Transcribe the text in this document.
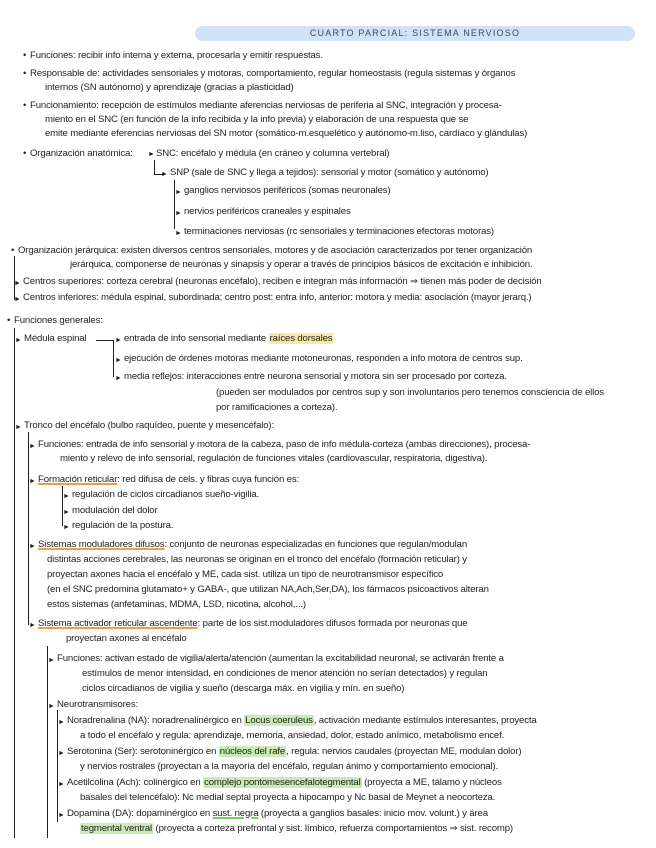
CUARTO PARCIAL: SISTEMA NERVIOSO
• Funciones: recibir info interna y externa, procesarla y emitir respuestas.
• Responsable de: actividades sensoriales y motoras, comportamiento, regular homeostasis (regula sistemas y órganos
internos (SN autónomo) y aprendizaje (gracias a plasticidad)
• Funcionamiento: recepción de estímulos mediante aferencias nerviosas de periferia al SNC, integración y procesa-
miento en el SNC (en función de la info recibida y la info previa) y elaboración de una respuesta que se
emite mediante eferencias nerviosas del SN motor (somático-m.esquelético y autónomo-m.liso, cardíaco y glándulas)
• Organización anatómica: ► SNC: encéfalo y médula (en cráneo y columna vertebral)
► SNP (sale de SNC y llega a tejidos): sensorial y motor (somático y autónomo)
► ganglios nerviosos periféricos (somas neuronales)
► nervios periféricos craneales y espinales
► terminaciones nerviosas (rc sensoriales y terminaciones efectoras motoras)
• Organización jerárquica: existen diversos centros sensoriales, motores y de asociación caracterizados por tener organización
jerárquica, componerse de neuronas y sinapsis y operar a través de principios básicos de excitación e inhibición.
► Centros superiores: corteza cerebral (neuronas encéfalo), reciben e integran más información ⇒ tienen más poder de decisión
► Centros inferiores: médula espinal, subordinada; centro post: entra info, anterior: motora y media: asociación (mayor jerarq.)
• Funciones generales:
► Médula espinal	► entrada de info sensorial mediante raíces dorsales
► ejecución de órdenes motoras mediante motoneuronas, responden a info motora de centros sup.
► media reflejos: interacciones entre neurona sensorial y motora sin ser procesado por corteza.
(pueden ser modulados por centros sup y son involuntarios pero tenemos consciencia de ellos
por ramificaciones a corteza).
► Tronco del encéfalo (bulbo raquídeo, puente y mesencéfalo):
► Funciones: entrada de info sensorial y motora de la cabeza, paso de info médula-corteza (ambas direcciones), procesa-
miento y relevo de info sensorial, regulación de funciones vitales (cardiovascular, respiratoria, digestiva).
► Formación reticular: red difusa de cels. y fibras cuya función es:
► regulación de ciclos circadianos sueño-vigilia.
► modulación del dolor
► regulación de la postura.
► Sistemas moduladores difusos: conjunto de neuronas especializadas en funciones que regulan/modulan
distintas acciones cerebrales, las neuronas se originan en el tronco del encéfalo (formación reticular) y
proyectan axones hacia el encéfalo y ME, cada sist. utiliza un tipo de neurotransmisor específico
(en el SNC predomina glutamato+ y GABA-, que utilizan NA,Ach,Ser,DA), los fármacos psicoactivos alteran
estos sistemas (anfetaminas, MDMA, LSD, nicotina, alcohol,...)
► Sistema activador reticular ascendente: parte de los sist.moduladores difusos formada por neuronas que
proyectan axones al encéfalo
► Funciones: activan estado de vigilia/alerta/atención (aumentan la excitabilidad neuronal, se activarán frente a
estímulos de menor intensidad, en condiciones de menor atención no serían detectados) y regulan
ciclos circadianos de vigilia y sueño (descarga máx. en vigilia y mín. en sueño)
► Neurotransmisores:
► Noradrenalina (NA): noradrenalinérgico en Locus coeruleus, activación mediante estímulos interesantes, proyecta
a todo el encéfalo y regula: aprendizaje, memoria, ansiedad, dolor, estado anímico, metabolismo encef.
► Serotonina (Ser): serotoninérgico en núcleos del rafe, regula: nervios caudales (proyectan ME, modulan dolor)
y nervios rostrales (proyectan a la mayoría del encéfalo, regulan ánimo y comportamiento emocional).
► Acetilcolina (Ach): colinérgico en complejo pontomesencefalotegmental (proyecta a ME, tálamo y núcleos
basales del telencéfalo): Nc medial septal proyecta a hipocampo y Nc basal de Meynet a neocorteza.
► Dopamina (DA): dopaminérgico en sust. negra (proyecta a ganglios basales: inicio mov. volunt.) y área
tegmental ventral (proyecta a corteza prefrontal y sist. límbico, refuerza comportamientos ⇒ sist. recomp)
